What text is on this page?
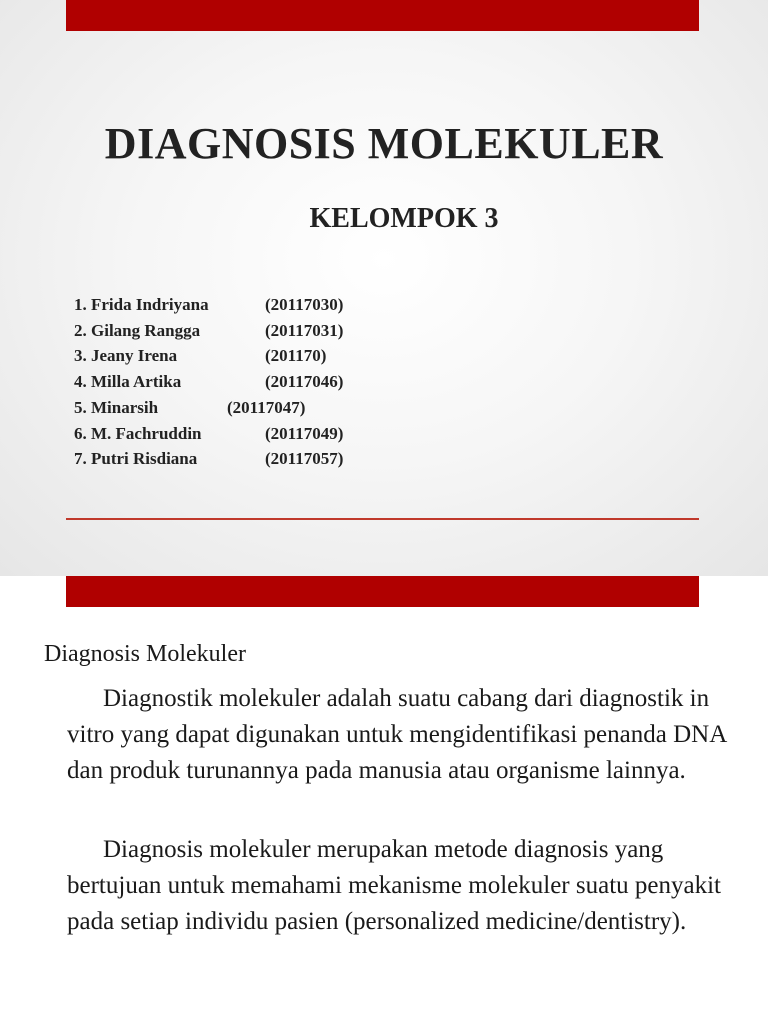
DIAGNOSIS MOLEKULER
KELOMPOK 3
1. Frida Indriyana	(20117030)
2. Gilang Rangga	(20117031)
3. Jeany Irena	(201170)
4. Milla Artika	(20117046)
5. Minarsih	(20117047)
6. M. Fachruddin	(20117049)
7. Putri Risdiana	(20117057)
Diagnosis Molekuler

Diagnostik molekuler adalah suatu cabang dari diagnostik in vitro yang dapat digunakan untuk mengidentifikasi penanda DNA dan produk turunannya pada manusia atau organisme lainnya.

Diagnosis molekuler merupakan metode diagnosis yang bertujuan untuk memahami mekanisme molekuler suatu penyakit pada setiap individu pasien (personalized medicine/dentistry).
